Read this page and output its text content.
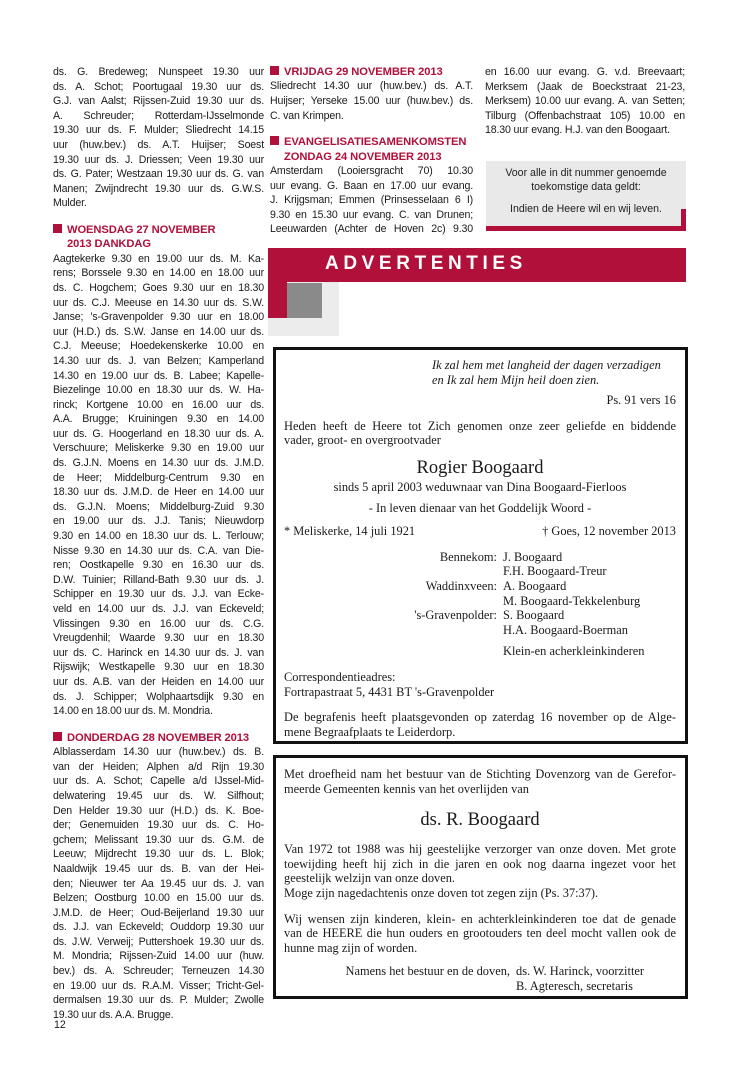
ds. G. Bredeweg; Nunspeet 19.30 uur
ds. A. Schot; Poortugaal 19.30 uur ds.
G.J. van Aalst; Rijssen-Zuid 19.30 uur ds.
A. Schreuder; Rotterdam-IJsselmonde
19.30 uur ds. F. Mulder; Sliedrecht 14.15
uur (huw.bev.) ds. A.T. Huijser; Soest
19.30 uur ds. J. Driessen; Veen 19.30 uur
ds. G. Pater; Westzaan 19.30 uur ds. G. van
Manen; Zwijndrecht 19.30 uur ds. G.W.S.
Mulder.
WOENSDAG 27 NOVEMBER
2013 DANKDAG
Aagtekerke 9.30 en 19.00 uur ds. M. Ka-
rens; Borssele 9.30 en 14.00 en 18.00 uur
ds. C. Hogchem; Goes 9.30 uur en 18.30
uur ds. C.J. Meeuse en 14.30 uur ds. S.W.
Janse; 's-Gravenpolder 9.30 uur en 18.00
uur (H.D.) ds. S.W. Janse en 14.00 uur ds.
C.J. Meeuse; Hoedekenskerke 10.00 en
14.30 uur ds. J. van Belzen; Kamperland
14.30 en 19.00 uur ds. B. Labee; Kapelle-
Biezelinge 10.00 en 18.30 uur ds. W. Ha-
rinck; Kortgene 10.00 en 16.00 uur ds.
A.A. Brugge; Kruiningen 9.30 en 14.00
uur ds. G. Hoogerland en 18.30 uur ds. A.
Verschuure; Meliskerke 9.30 en 19.00 uur
ds. G.J.N. Moens en 14.30 uur ds. J.M.D.
de Heer; Middelburg-Centrum 9.30 en
18.30 uur ds. J.M.D. de Heer en 14.00 uur
ds. G.J.N. Moens; Middelburg-Zuid 9.30
en 19.00 uur ds. J.J. Tanis; Nieuwdorp
9.30 en 14.00 en 18.30 uur ds. L. Terlouw;
Nisse 9.30 en 14.30 uur ds. C.A. van Die-
ren; Oostkapelle 9.30 en 16.30 uur ds.
D.W. Tuinier; Rilland-Bath 9.30 uur ds. J.
Schipper en 19.30 uur ds. J.J. van Ecke-
veld en 14.00 uur ds. J.J. van Eckeveld;
Vlissingen 9.30 en 16.00 uur ds. C.G.
Vreugdenhil; Waarde 9.30 uur en 18.30
uur ds. C. Harinck en 14.30 uur ds. J. van
Rijswijk; Westkapelle 9.30 uur en 18.30
uur ds. A.B. van der Heiden en 14.00 uur
ds. J. Schipper; Wolphaartsdijk 9.30 en
14.00 en 18.00 uur ds. M. Mondria.
DONDERDAG 28 NOVEMBER 2013
Alblasserdam 14.30 uur (huw.bev.) ds. B.
van der Heiden; Alphen a/d Rijn 19.30
uur ds. A. Schot; Capelle a/d IJssel-Mid-
delwatering 19.45 uur ds. W. Silfhout;
Den Helder 19.30 uur (H.D.) ds. K. Boe-
der; Genemuiden 19.30 uur ds. C. Ho-
gchem; Melissant 19.30 uur ds. G.M. de
Leeuw; Mijdrecht 19.30 uur ds. L. Blok;
Naaldwijk 19.45 uur ds. B. van der Hei-
den; Nieuwer ter Aa 19.45 uur ds. J. van
Belzen; Oostburg 10.00 en 15.00 uur ds.
J.M.D. de Heer; Oud-Beijerland 19.30 uur
ds. J.J. van Eckeveld; Ouddorp 19.30 uur
ds. J.W. Verweij; Puttershoek 19.30 uur ds.
M. Mondria; Rijssen-Zuid 14.00 uur (huw.
bev.) ds. A. Schreuder; Terneuzen 14.30
en 19.00 uur ds. R.A.M. Visser; Tricht-Gel-
dermalsen 19.30 uur ds. P. Mulder; Zwolle
19.30 uur ds. A.A. Brugge.
VRIJDAG 29 NOVEMBER 2013
Sliedrecht 14.30 uur (huw.bev.) ds. A.T.
Huijser; Yerseke 15.00 uur (huw.bev.) ds.
C. van Krimpen.
EVANGELISATIESAMENKOMSTEN
ZONDAG 24 NOVEMBER 2013
Amsterdam (Looiersgracht 70) 10.30
uur evang. G. Baan en 17.00 uur evang.
J. Krijgsman; Emmen (Prinsesselaan 6 I)
9.30 en 15.30 uur evang. C. van Drunen;
Leeuwarden (Achter de Hoven 2c) 9.30
en 16.00 uur evang. G. v.d. Breevaart;
Merksem (Jaak de Boeckstraat 21-23,
Merksem) 10.00 uur evang. A. van Setten;
Tilburg (Offenbachstraat 105) 10.00 en
18.30 uur evang. H.J. van den Boogaart.
Voor alle in dit nummer genoemde
toekomstige data geldt:
Indien de Heere wil en wij leven.
ADVERTENTIES
Ik zal hem met langheid der dagen verzadigen
en Ik zal hem Mijn heil doen zien.
Ps. 91 vers 16
Heden heeft de Heere tot Zich genomen onze zeer geliefde en biddende
vader, groot- en overgrootvader
Rogier Boogaard
sinds 5 april 2003 weduwnaar van Dina Boogaard-Fierloos
- In leven dienaar van het Goddelijk Woord -
* Meliskerke, 14 juli 1921	† Goes, 12 november 2013
Bennekom: J. Boogaard
F.H. Boogaard-Treur
Waddinxveen: A. Boogaard
M. Boogaard-Tekkelenburg
's-Gravenpolder: S. Boogaard
H.A. Boogaard-Boerman
Klein-en acherkleinkinderen
Correspondentieadres:
Fortrapastraat 5, 4431 BT 's-Gravenpolder
De begrafenis heeft plaatsgevonden op zaterdag 16 november op de Alge-
mene Begraafplaats te Leiderdorp.
Met droefheid nam het bestuur van de Stichting Dovenzorg van de Gerefor-
meerde Gemeenten kennis van het overlijden van
ds. R. Boogaard
Van 1972 tot 1988 was hij geestelijke verzorger van onze doven. Met grote
toewijding heeft hij zich in die jaren en ook nog daarna ingezet voor het
geestelijk welzijn van onze doven.
Moge zijn nagedachtenis onze doven tot zegen zijn (Ps. 37:37).
Wij wensen zijn kinderen, klein- en achterkleinkinderen toe dat de genade
van de HEERE die hun ouders en grootouders ten deel mocht vallen ook de
hunne mag zijn of worden.
Namens het bestuur en de doven, ds. W. Harinck, voorzitter
B. Agteresch, secretaris
12
